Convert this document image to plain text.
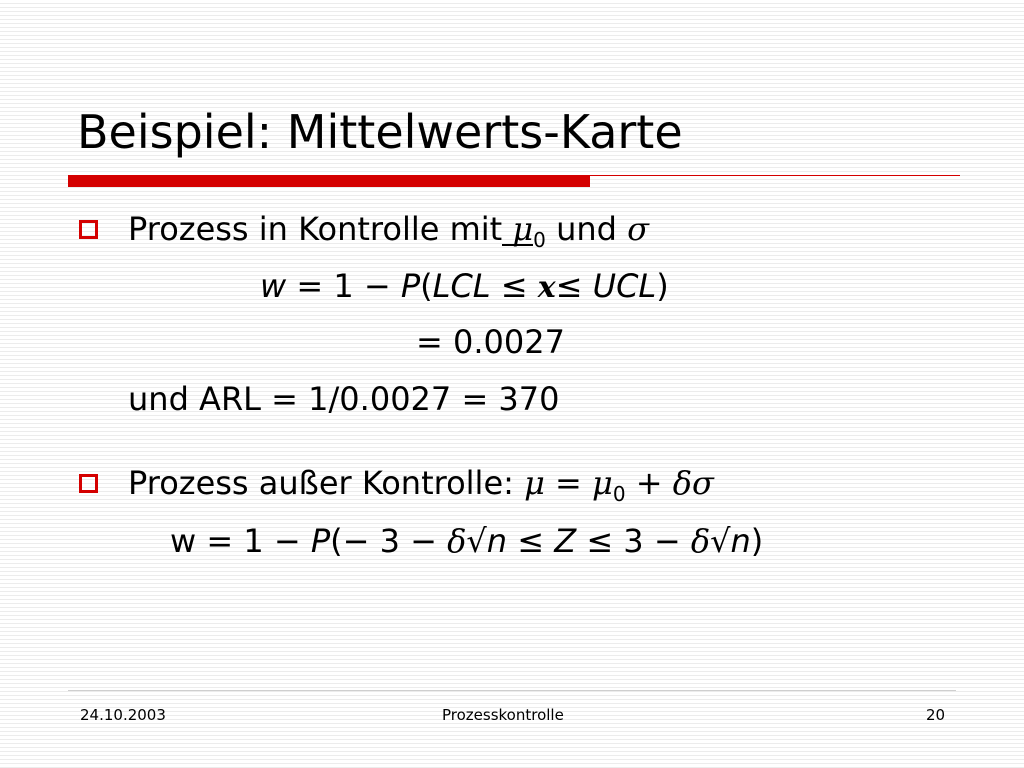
Beispiel: Mittelwerts-Karte
Prozess in Kontrolle mit $\mu_0$ und σ
w = 1 − P(LCL ≤ x≤ UCL)
= 0.0027
und ARL = 1/0.0027 = 370
Prozess außer Kontrolle: $\mu = \mu_0 + \delta\sigma$
w = 1 − P(− 3 − δ√n ≤ Z ≤ 3 − δ√n)
24.10.2003	Prozesskontrolle	20
